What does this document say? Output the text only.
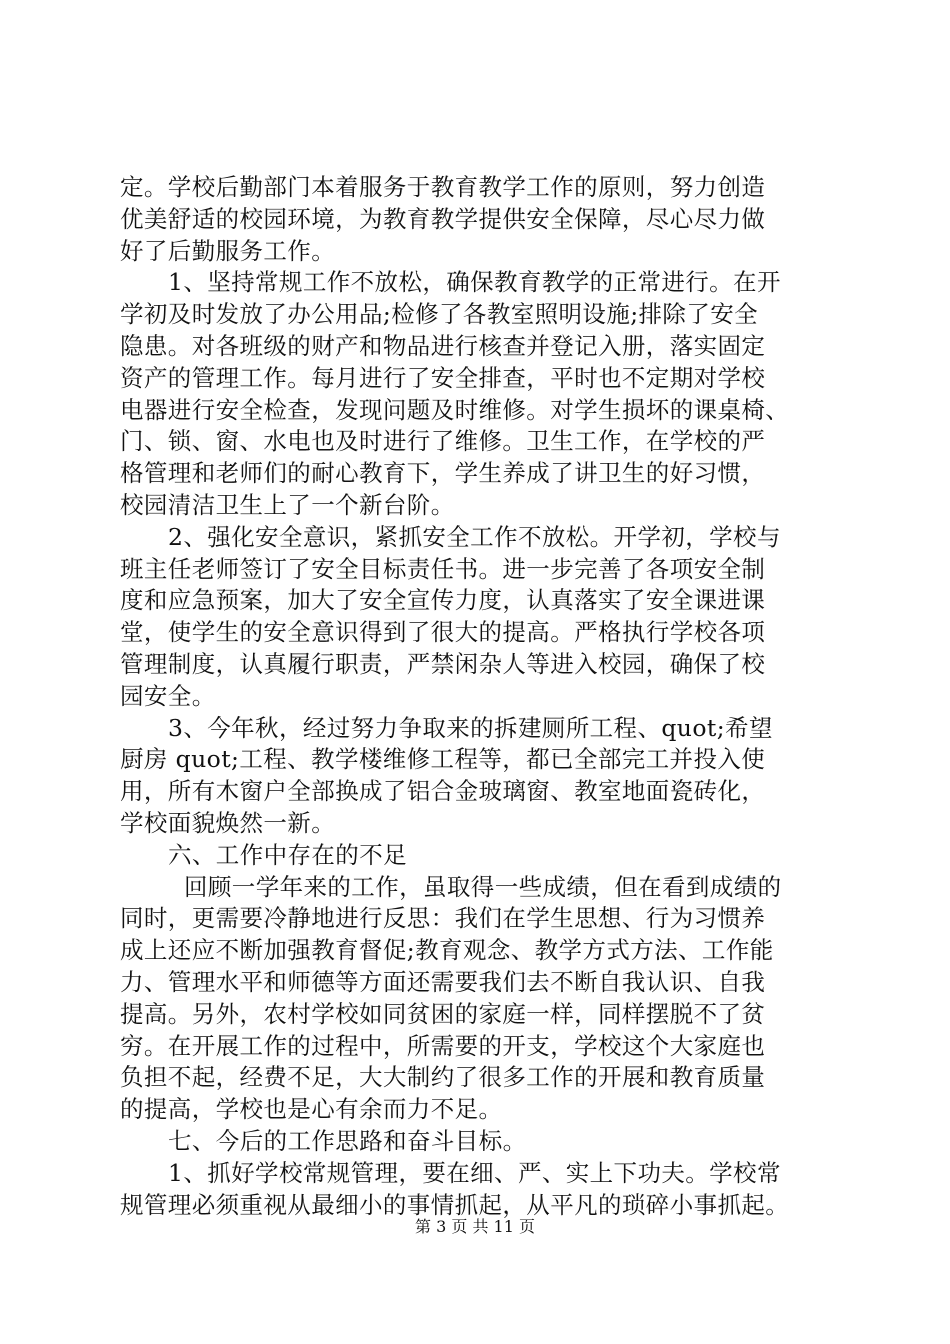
定。学校后勤部门本着服务于教育教学工作的原则，努力创造
优美舒适的校园环境，为教育教学提供安全保障，尽心尽力做
好了后勤服务工作。
1、坚持常规工作不放松，确保教育教学的正常进行。在开
学初及时发放了办公用品;检修了各教室照明设施;排除了安全
隐患。对各班级的财产和物品进行核查并登记入册，落实固定
资产的管理工作。每月进行了安全排查，平时也不定期对学校
电器进行安全检查，发现问题及时维修。对学生损坏的课桌椅、
门、锁、窗、水电也及时进行了维修。卫生工作，在学校的严
格管理和老师们的耐心教育下，学生养成了讲卫生的好习惯，
校园清洁卫生上了一个新台阶。
2、强化安全意识，紧抓安全工作不放松。开学初，学校与
班主任老师签订了安全目标责任书。进一步完善了各项安全制
度和应急预案，加大了安全宣传力度，认真落实了安全课进课
堂，使学生的安全意识得到了很大的提高。严格执行学校各项
管理制度，认真履行职责，严禁闲杂人等进入校园，确保了校
园安全。
3、今年秋，经过努力争取来的拆建厕所工程、quot;希望
厨房 quot;工程、教学楼维修工程等，都已全部完工并投入使
用，所有木窗户全部换成了铝合金玻璃窗、教室地面瓷砖化，
学校面貌焕然一新。
六、工作中存在的不足
回顾一学年来的工作，虽取得一些成绩，但在看到成绩的
同时，更需要冷静地进行反思：我们在学生思想、行为习惯养
成上还应不断加强教育督促;教育观念、教学方式方法、工作能
力、管理水平和师德等方面还需要我们去不断自我认识、自我
提高。另外，农村学校如同贫困的家庭一样，同样摆脱不了贫
穷。在开展工作的过程中，所需要的开支，学校这个大家庭也
负担不起，经费不足，大大制约了很多工作的开展和教育质量
的提高，学校也是心有余而力不足。
七、今后的工作思路和奋斗目标。
1、抓好学校常规管理，要在细、严、实上下功夫。学校常
规管理必须重视从最细小的事情抓起，从平凡的琐碎小事抓起。
第 3 页 共 11 页
